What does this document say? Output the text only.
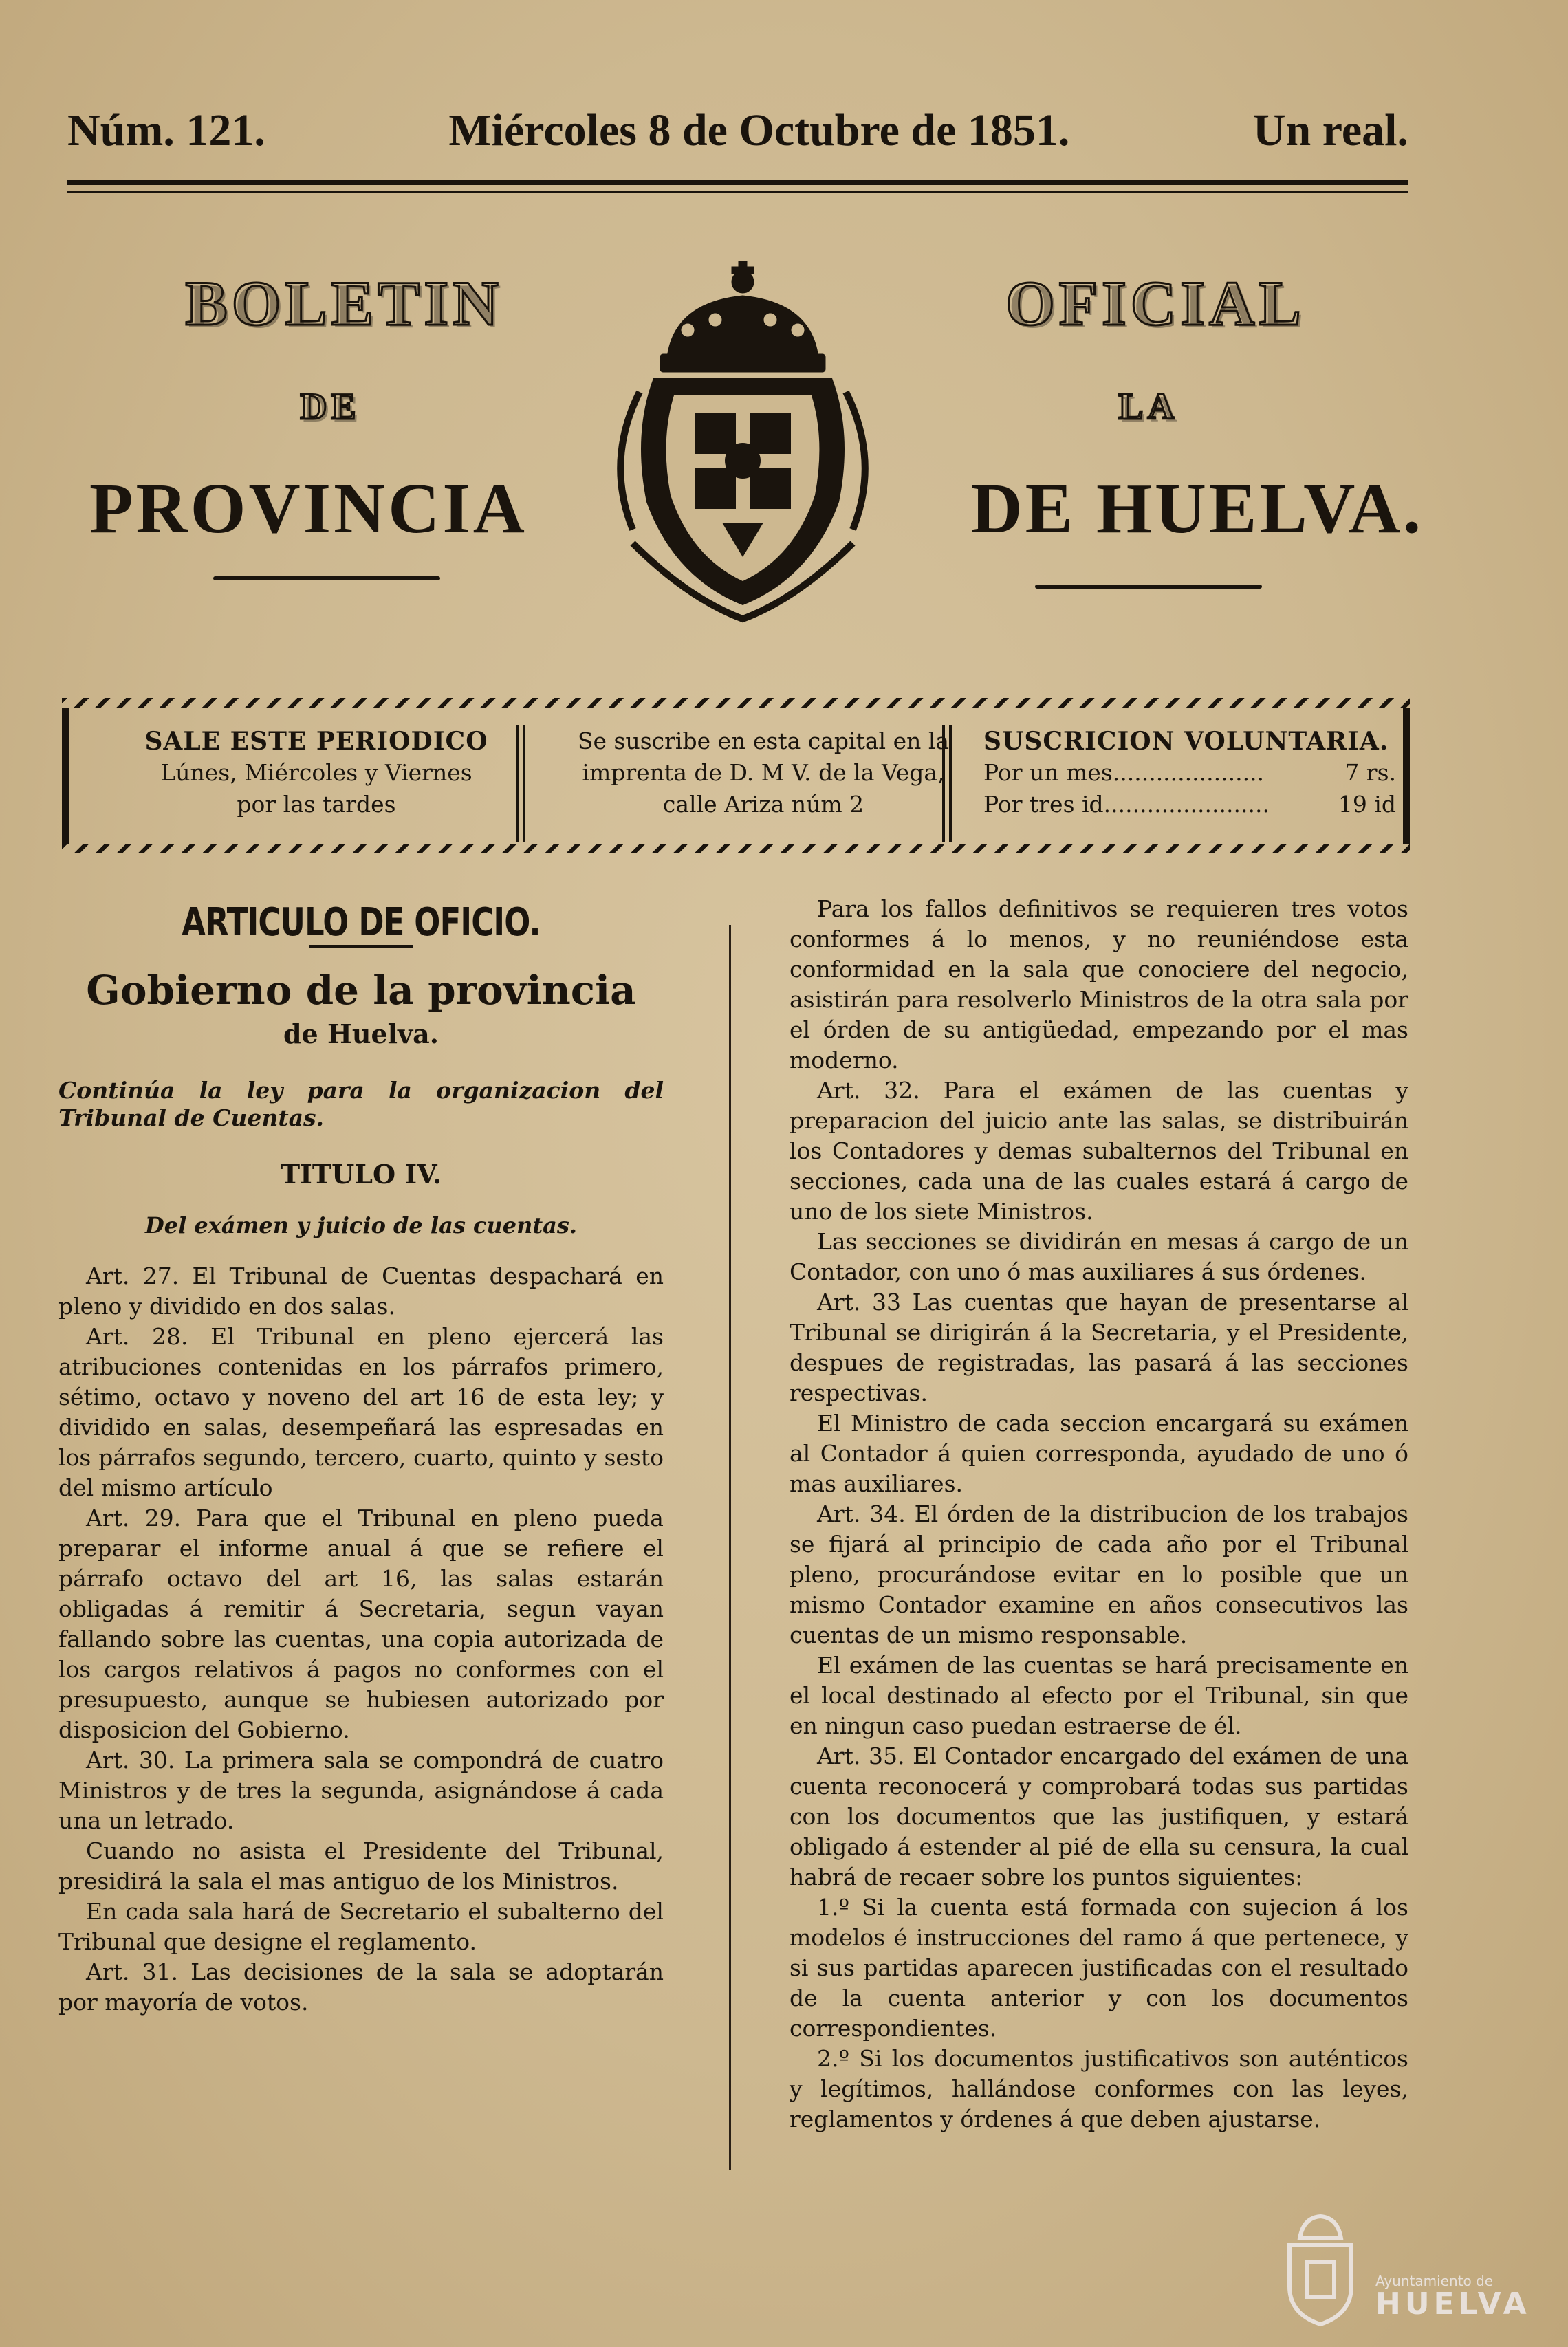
Núm. 121.	Miércoles 8 de Octubre de 1851.	Un real.
BOLETIN	OFICIAL
DE	LA
PROVINCIA	DE HUELVA.
SALE ESTE PERIODICO
Lúnes, Miércoles y Viernes
por las tardes
Se suscribe en esta capital en la
imprenta de D. M V. de la Vega,
calle Ariza núm 2
SUSCRICION VOLUNTARIA.
Por un mes.....................	7 rs.
Por tres id.......................	19 id
ARTICULO DE OFICIO.
Gobierno de la provincia
de Huelva.
Continúa la ley para la organizacion del Tribunal de Cuentas.
TITULO IV.
Del exámen y juicio de las cuentas.

Art. 27. El Tribunal de Cuentas despachará en pleno y dividido en dos salas.

Art. 28. El Tribunal en pleno ejercerá las atribuciones contenidas en los párrafos primero, sétimo, octavo y noveno del art 16 de esta ley; y dividido en salas, desempeñará las espresadas en los párrafos segundo, tercero, cuarto, quinto y sesto del mismo artículo

Art. 29. Para que el Tribunal en pleno pueda preparar el informe anual á que se refiere el párrafo octavo del art 16, las salas estarán obligadas á remitir á Secretaria, segun vayan fallando sobre las cuentas, una copia autorizada de los cargos relativos á pagos no conformes con el presupuesto, aunque se hubiesen autorizado por disposicion del Gobierno.

Art. 30. La primera sala se compondrá de cuatro Ministros y de tres la segunda, asignándose á cada una un letrado.

Cuando no asista el Presidente del Tribunal, presidirá la sala el mas antiguo de los Ministros.

En cada sala hará de Secretario el subalterno del Tribunal que designe el reglamento.

Art. 31. Las decisiones de la sala se adoptarán por mayoría de votos.

Para los fallos definitivos se requieren tres votos conformes á lo menos, y no reuniéndose esta conformidad en la sala que conociere del negocio, asistirán para resolverlo Ministros de la otra sala por el órden de su antigüedad, empezando por el mas moderno.

Art. 32. Para el exámen de las cuentas y preparacion del juicio ante las salas, se distribuirán los Contadores y demas subalternos del Tribunal en secciones, cada una de las cuales estará á cargo de uno de los siete Ministros.

Las secciones se dividirán en mesas á cargo de un Contador, con uno ó mas auxiliares á sus órdenes.

Art. 33 Las cuentas que hayan de presentarse al Tribunal se dirigirán á la Secretaria, y el Presidente, despues de registradas, las pasará á las secciones respectivas.

El Ministro de cada seccion encargará su exámen al Contador á quien corresponda, ayudado de uno ó mas auxiliares.

Art. 34. El órden de la distribucion de los trabajos se fijará al principio de cada año por el Tribunal pleno, procurándose evitar en lo posible que un mismo Contador examine en años consecutivos las cuentas de un mismo responsable.

El exámen de las cuentas se hará precisamente en el local destinado al efecto por el Tribunal, sin que en ningun caso puedan estraerse de él.

Art. 35. El Contador encargado del exámen de una cuenta reconocerá y comprobará todas sus partidas con los documentos que las justifiquen, y estará obligado á estender al pié de ella su censura, la cual habrá de recaer sobre los puntos siguientes:

1.º Si la cuenta está formada con sujecion á los modelos é instrucciones del ramo á que pertenece, y si sus partidas aparecen justificadas con el resultado de la cuenta anterior y con los documentos correspondientes.

2.º Si los documentos justificativos son auténticos y legítimos, hallándose conformes con las leyes, reglamentos y órdenes á que deben ajustarse.

Ayuntamiento de
HUELVA
